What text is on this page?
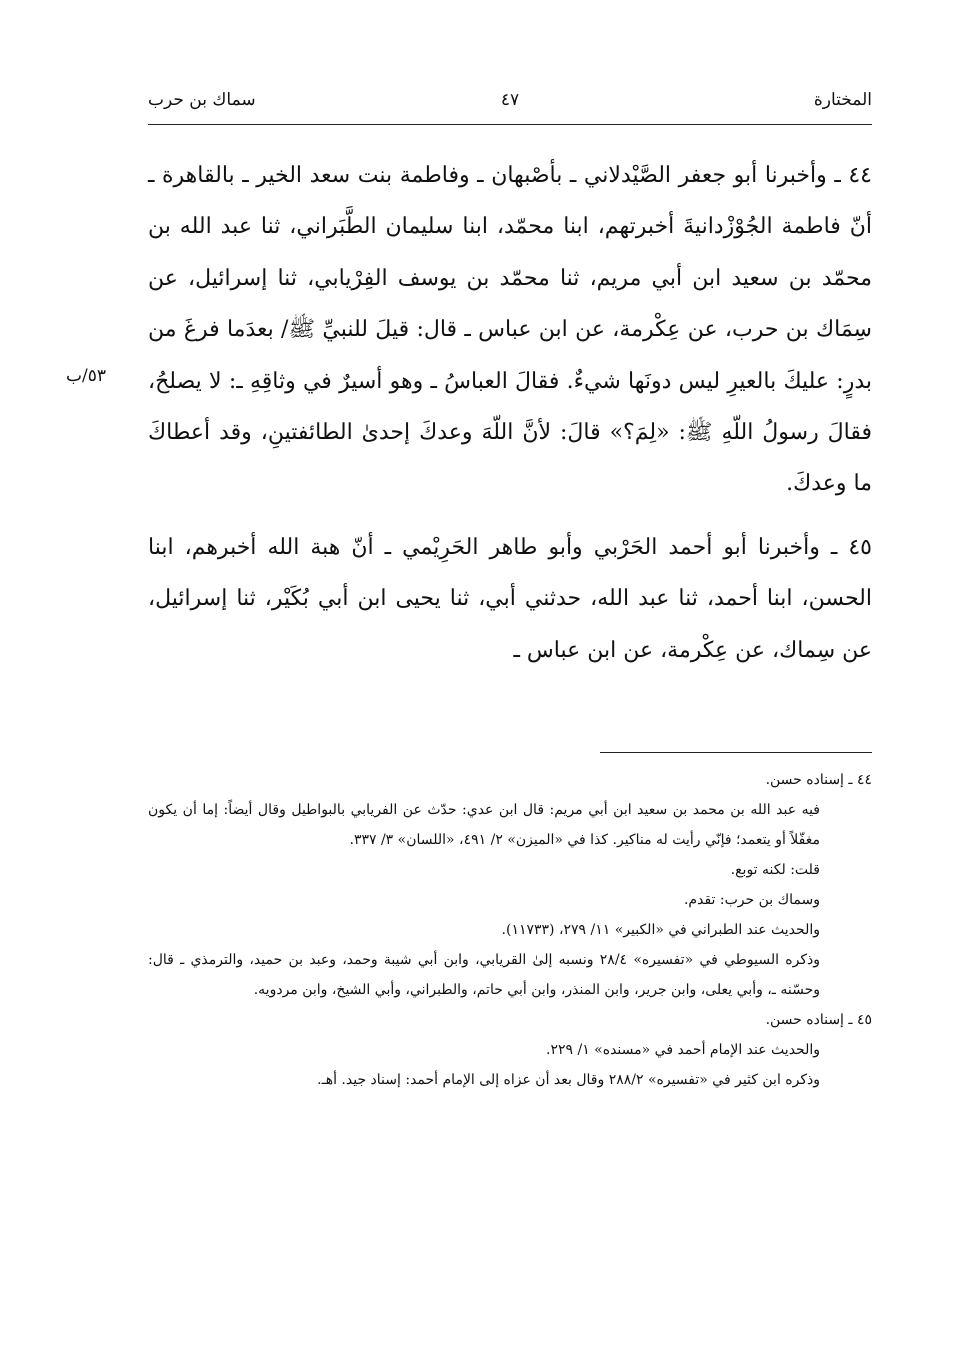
سماك بن حرب	٤٧	المختارة
٥٣/ب

٤٤ ـ وأخبرنا أبو جعفر الصَّيْدلاني ـ بأصْبهان ـ وفاطمة بنت سعد الخير ـ بالقاهرة ـ أنّ فاطمة الجُوْزْدانيةَ أخبرتهم، ابنا محمّد، ابنا سليمان الطَّبَراني، ثنا عبد الله بن محمّد بن سعيد ابن أبي مريم، ثنا محمّد بن يوسف الفِرْيابي، ثنا إسرائيل، عن سِمَاك بن حرب، عن عِكْرمة، عن ابن عباس ـ قال: قيلَ للنبيِّ ﷺ/ بعدَما فرغَ من بدرٍ: عليكَ بالعيرِ ليس دونَها شيءٌ. فقالَ العباسُ ـ وهو أسيرٌ في وثاقِهِ ـ: لا يصلحُ، فقالَ رسولُ اللّهِ ﷺ: «لِمَ؟» قالَ: لأنَّ اللّهَ وعدكَ إحدىٰ الطائفتينِ، وقد أعطاكَ ما وعدكَ.

٤٥ ـ وأخبرنا أبو أحمد الحَرْبي وأبو طاهر الحَرِيْمي ـ أنّ هبة الله أخبرهم، ابنا الحسن، ابنا أحمد، ثنا عبد الله، حدثني أبي، ثنا يحيى ابن أبي بُكَيْر، ثنا إسرائيل، عن سِماك، عن عِكْرمة، عن ابن عباس ـ

٤٤ ـ إسناده حسن.

فيه عبد الله بن محمد بن سعيد ابن أبي مريم: قال ابن عدي: حدّث عن الفريابي بالبواطيل وقال أيضاً: إما أن يكون مغفّلاً أو يتعمد؛ فإنّي رأيت له مناكير. كذا في «الميزن» ٢/ ٤٩١، «اللسان» ٣/ ٣٣٧.

قلت: لكنه توبع.

وسماك بن حرب: تقدم.

والحديث عند الطبراني في «الكبير» ١١/ ٢٧٩، (١١٧٣٣).

وذكره السيوطي في «تفسيره» ٢٨/٤ ونسبه إلىٰ القريابي، وابن أبي شيبة وحمد، وعبد بن حميد، والترمذي ـ قال: وحسّنه ـ، وأبي يعلى، وابن جرير، وابن المنذر، وابن أبي حاتم، والطبراني، وأبي الشيخ، وابن مردويه.

٤٥ ـ إسناده حسن.

والحديث عند الإمام أحمد في «مسنده» ١/ ٢٢٩.

وذكره ابن كثير في «تفسيره» ٢٨٨/٢ وقال بعد أن عزاه إلى الإمام أحمد: إسناد جيد. أهـ.
